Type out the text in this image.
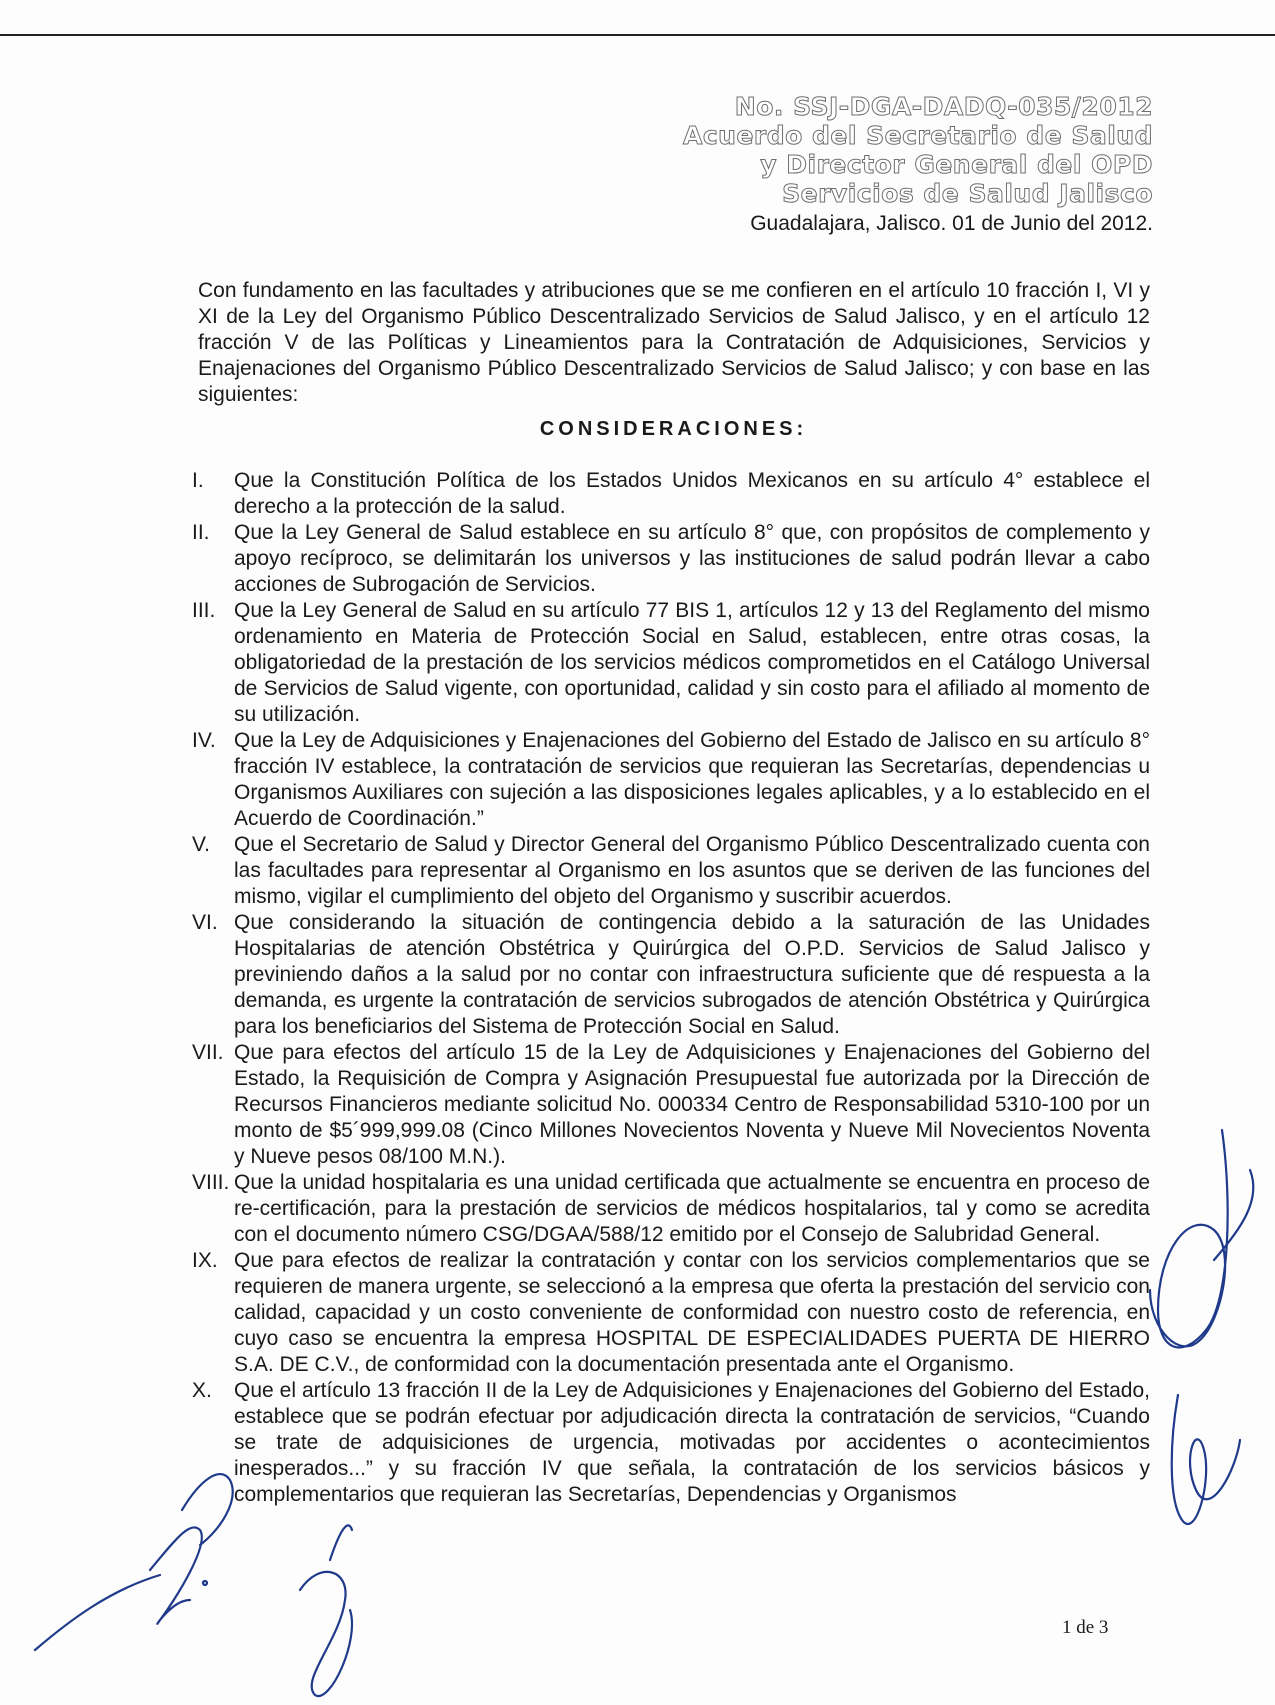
No. SSJ-DGA-DADQ-035/2012
Acuerdo del Secretario de Salud
y Director General del OPD
Servicios de Salud Jalisco
Guadalajara, Jalisco. 01 de Junio del 2012.

Con fundamento en las facultades y atribuciones que se me confieren en el artículo 10 fracción I, VI y XI de la Ley del Organismo Público Descentralizado Servicios de Salud Jalisco, y en el artículo 12 fracción V de las Políticas y Lineamientos para la Contratación de Adquisiciones, Servicios y Enajenaciones del Organismo Público Descentralizado Servicios de Salud Jalisco; y con base en las siguientes:

CONSIDERACIONES:
I.	Que la Constitución Política de los Estados Unidos Mexicanos en su artículo 4° establece el derecho a la protección de la salud.
II.	Que la Ley General de Salud establece en su artículo 8° que, con propósitos de complemento y apoyo recíproco, se delimitarán los universos y las instituciones de salud podrán llevar a cabo acciones de Subrogación de Servicios.
III. Que la Ley General de Salud en su artículo 77 BIS 1, artículos 12 y 13 del Reglamento del mismo ordenamiento en Materia de Protección Social en Salud, establecen, entre otras cosas, la obligatoriedad de la prestación de los servicios médicos comprometidos en el Catálogo Universal de Servicios de Salud vigente, con oportunidad, calidad y sin costo para el afiliado al momento de su utilización.
IV. Que la Ley de Adquisiciones y Enajenaciones del Gobierno del Estado de Jalisco en su artículo 8° fracción IV establece, la contratación de servicios que requieran las Secretarías, dependencias u Organismos Auxiliares con sujeción a las disposiciones legales aplicables, y a lo establecido en el Acuerdo de Coordinación.”
V.	Que el Secretario de Salud y Director General del Organismo Público Descentralizado cuenta con las facultades para representar al Organismo en los asuntos que se deriven de las funciones del mismo, vigilar el cumplimiento del objeto del Organismo y suscribir acuerdos.
VI. Que considerando la situación de contingencia debido a la saturación de las Unidades Hospitalarias de atención Obstétrica y Quirúrgica del O.P.D. Servicios de Salud Jalisco y previniendo daños a la salud por no contar con infraestructura suficiente que dé respuesta a la demanda, es urgente la contratación de servicios subrogados de atención Obstétrica y Quirúrgica para los beneficiarios del Sistema de Protección Social en Salud.
VII. Que para efectos del artículo 15 de la Ley de Adquisiciones y Enajenaciones del Gobierno del Estado, la Requisición de Compra y Asignación Presupuestal fue autorizada por la Dirección de Recursos Financieros mediante solicitud No. 000334 Centro de Responsabilidad 5310-100 por un monto de $5´999,999.08 (Cinco Millones Novecientos Noventa y Nueve Mil Novecientos Noventa y Nueve pesos 08/100 M.N.).
VIII. Que la unidad hospitalaria es una unidad certificada que actualmente se encuentra en proceso de re-certificación, para la prestación de servicios de médicos hospitalarios, tal y como se acredita con el documento número CSG/DGAA/588/12 emitido por el Consejo de Salubridad General.
IX. Que para efectos de realizar la contratación y contar con los servicios complementarios que se requieren de manera urgente, se seleccionó a la empresa que oferta la prestación del servicio con calidad, capacidad y un costo conveniente de conformidad con nuestro costo de referencia, en cuyo caso se encuentra la empresa HOSPITAL DE ESPECIALIDADES PUERTA DE HIERRO S.A. DE C.V., de conformidad con la documentación presentada ante el Organismo.
X.	Que el artículo 13 fracción II de la Ley de Adquisiciones y Enajenaciones del Gobierno del Estado, establece que se podrán efectuar por adjudicación directa la contratación de servicios, “Cuando se trate de adquisiciones de urgencia, motivadas por accidentes o acontecimientos inesperados...” y su fracción IV que señala, la contratación de los servicios básicos y complementarios que requieran las Secretarías, Dependencias y Organismos
1 de 3
